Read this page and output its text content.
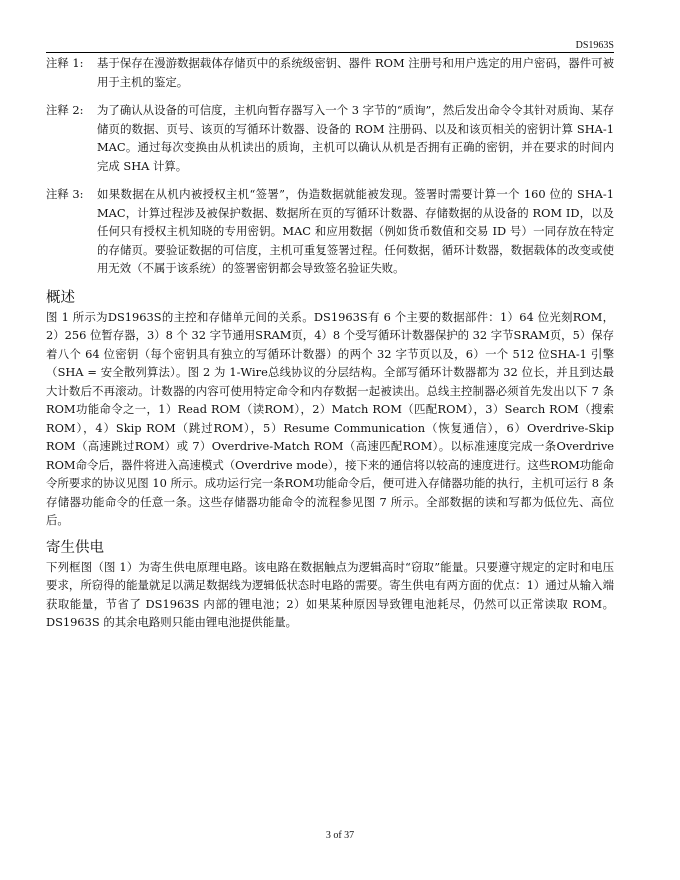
DS1963S
注释 1:	基于保存在漫游数据载体存储页中的系统级密钥、器件 ROM 注册号和用户选定的用户密码，器件可被用于主机的鉴定。
注释 2:	为了确认从设备的可信度，主机向暂存器写入一个 3 字节的“质询”，然后发出命令令其针对质询、某存储页的数据、页号、该页的写循环计数器、设备的 ROM 注册码、以及和该页相关的密钥计算 SHA-1 MAC。通过每次变换由从机读出的质询，主机可以确认从机是否拥有正确的密钥，并在要求的时间内完成 SHA 计算。
注释 3:	如果数据在从机内被授权主机“签署”，伪造数据就能被发现。签署时需要计算一个 160 位的 SHA-1 MAC，计算过程涉及被保护数据、数据所在页的写循环计数器、存储数据的从设备的 ROM ID，以及任何只有授权主机知晓的专用密钥。MAC 和应用数据（例如货币数值和交易 ID 号）一同存放在特定的存储页。要验证数据的可信度，主机可重复签署过程。任何数据，循环计数器，数据载体的改变或使用无效（不属于该系统）的签署密钥都会导致签名验证失败。
概述

图 1 所示为DS1963S的主控和存储单元间的关系。DS1963S有 6 个主要的数据部件：1）64 位光刻ROM，2）256 位暂存器，3）8 个 32 字节通用SRAM页，4）8 个受写循环计数器保护的 32 字节SRAM页，5）保存着八个 64 位密钥（每个密钥具有独立的写循环计数器）的两个 32 字节页以及，6）一个 512 位SHA-1 引擎（SHA = 安全散列算法）。图 2 为 1-Wire总线协议的分层结构。全部写循环计数器都为 32 位长，并且到达最大计数后不再滚动。计数器的内容可使用特定命令和内存数据一起被读出。总线主控制器必须首先发出以下 7 条ROM功能命令之一，1）Read ROM（读ROM），2）Match ROM（匹配ROM），3）Search ROM（搜索ROM），4）Skip ROM（跳过ROM），5）Resume Communication（恢复通信），6）Overdrive-Skip ROM（高速跳过ROM）或 7）Overdrive-Match ROM（高速匹配ROM）。以标准速度完成一条Overdrive ROM命令后，器件将进入高速模式（Overdrive mode），接下来的通信将以较高的速度进行。这些ROM功能命令所要求的协议见图 10 所示。成功运行完一条ROM功能命令后，便可进入存储器功能的执行，主机可运行 8 条存储器功能命令的任意一条。这些存储器功能命令的流程参见图 7 所示。全部数据的读和写都为低位先、高位后。

寄生供电

下列框图（图 1）为寄生供电原理电路。该电路在数据触点为逻辑高时“窃取”能量。只要遵守规定的定时和电压要求，所窃得的能量就足以满足数据线为逻辑低状态时电路的需要。寄生供电有两方面的优点：1）通过从输入端获取能量，节省了 DS1963S 内部的锂电池；2）如果某种原因导致锂电池耗尽，仍然可以正常读取 ROM。DS1963S 的其余电路则只能由锂电池提供能量。

3 of 37
